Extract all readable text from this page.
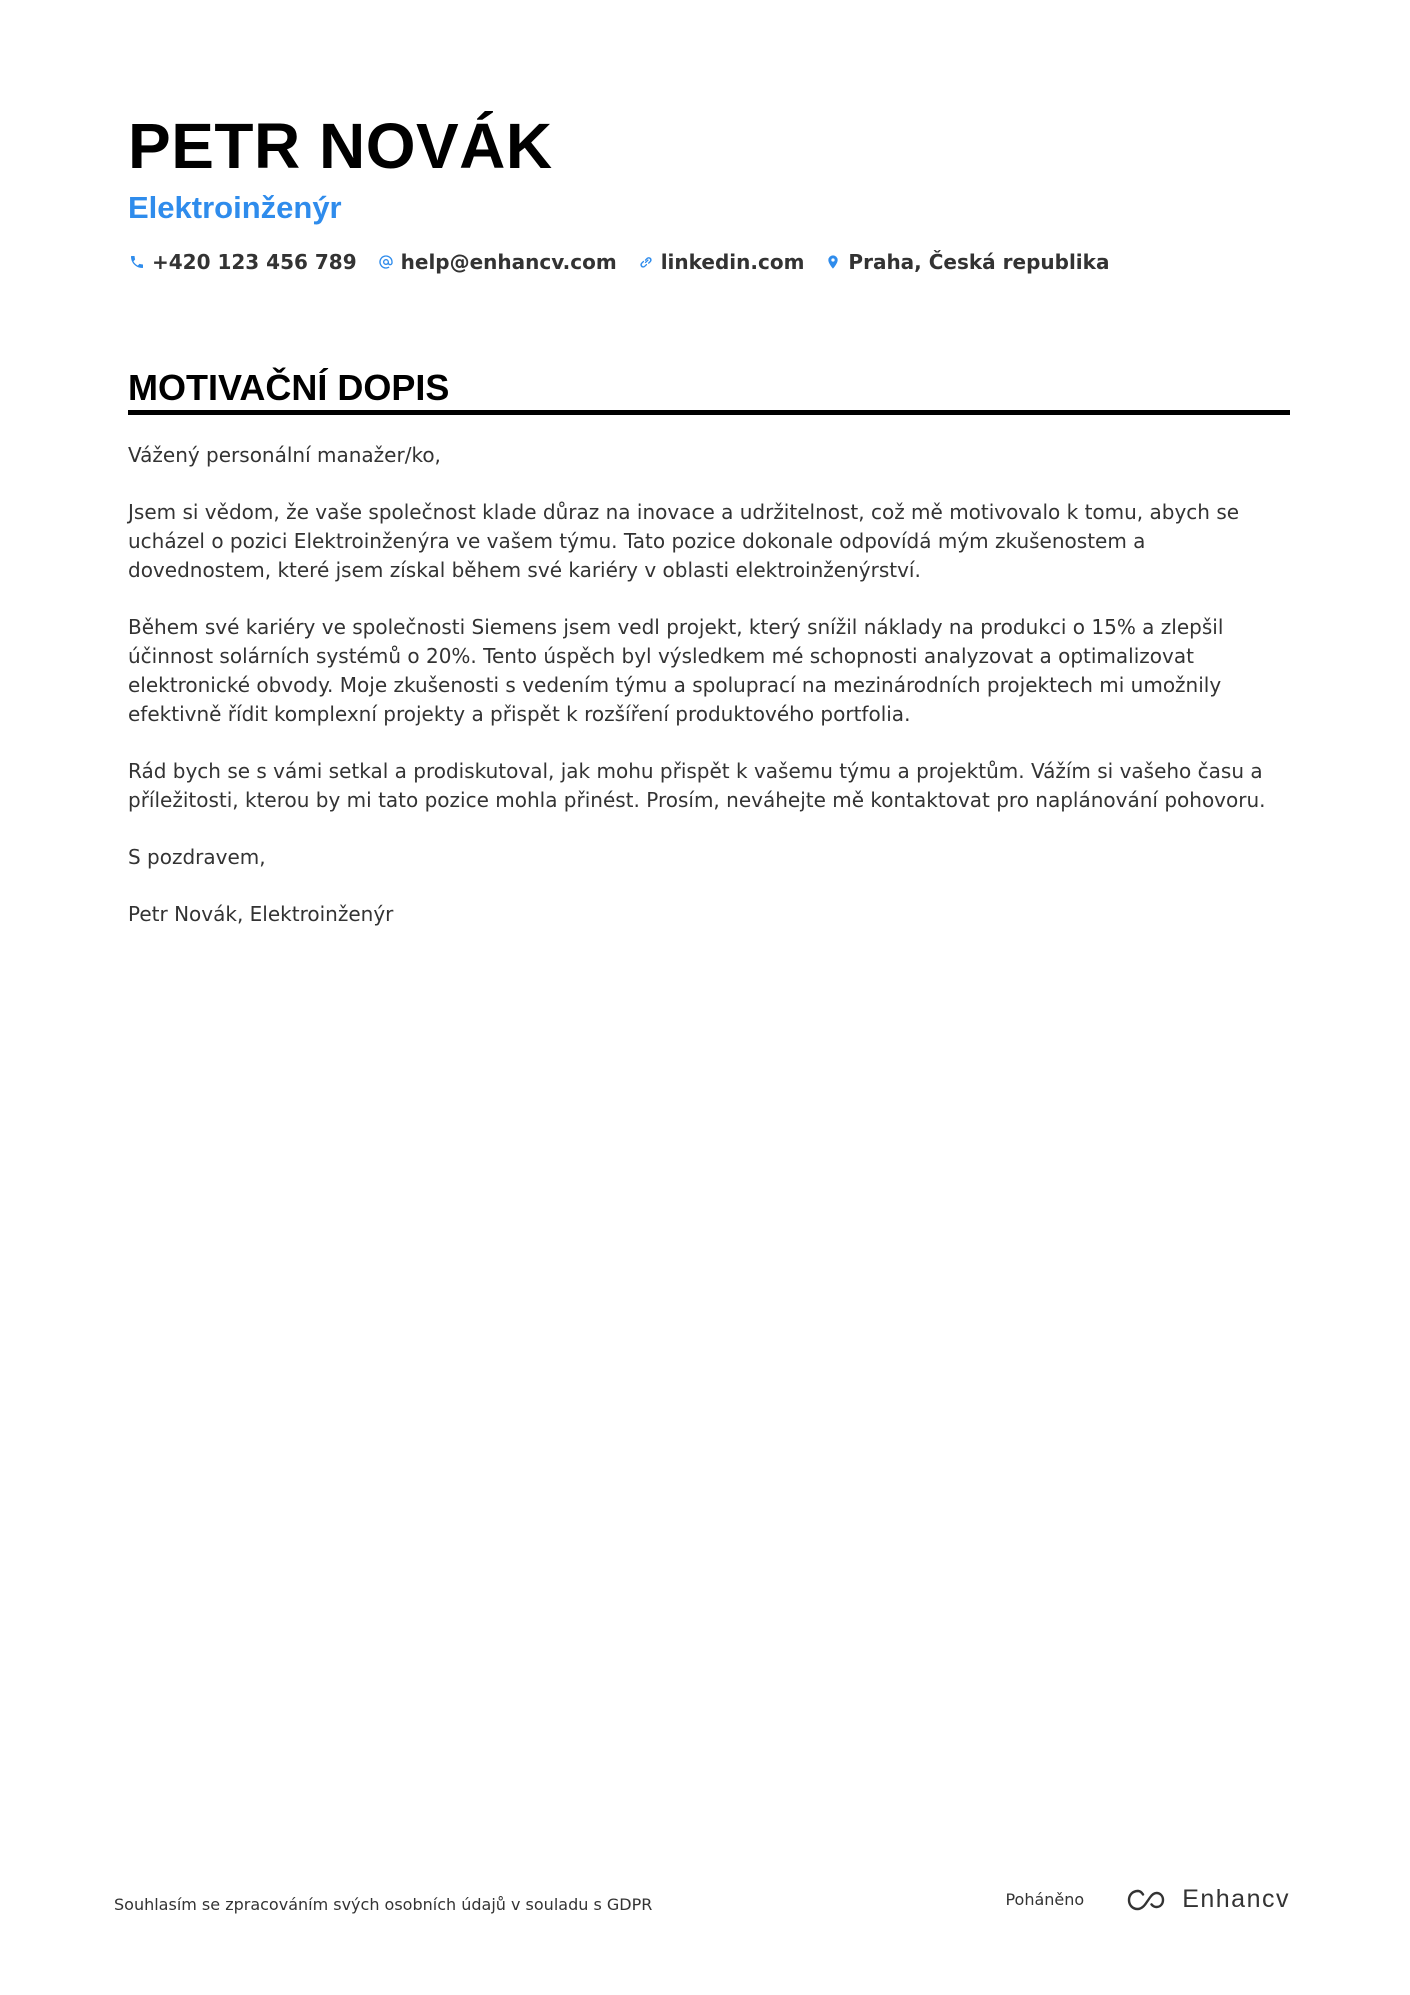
PETR NOVÁK
Elektroinženýr
+420 123 456 789 help@enhancv.com linkedin.com Praha, Česká republika
MOTIVAČNÍ DOPIS

Vážený personální manažer/ko,

Jsem si vědom, že vaše společnost klade důraz na inovace a udržitelnost, což mě motivovalo k tomu, abych se ucházel o pozici Elektroinženýra ve vašem týmu. Tato pozice dokonale odpovídá mým zkušenostem a dovednostem, které jsem získal během své kariéry v oblasti elektroinženýrství.

Během své kariéry ve společnosti Siemens jsem vedl projekt, který snížil náklady na produkci o 15% a zlepšil účinnost solárních systémů o 20%. Tento úspěch byl výsledkem mé schopnosti analyzovat a optimalizovat elektronické obvody. Moje zkušenosti s vedením týmu a spoluprací na mezinárodních projektech mi umožnily efektivně řídit komplexní projekty a přispět k rozšíření produktového portfolia.

Rád bych se s vámi setkal a prodiskutoval, jak mohu přispět k vašemu týmu a projektům. Vážím si vašeho času a příležitosti, kterou by mi tato pozice mohla přinést. Prosím, neváhejte mě kontaktovat pro naplánování pohovoru.

S pozdravem,

Petr Novák, Elektroinženýr

Souhlasím se zpracováním svých osobních údajů v souladu s GDPR	Poháněno	Enhancv
